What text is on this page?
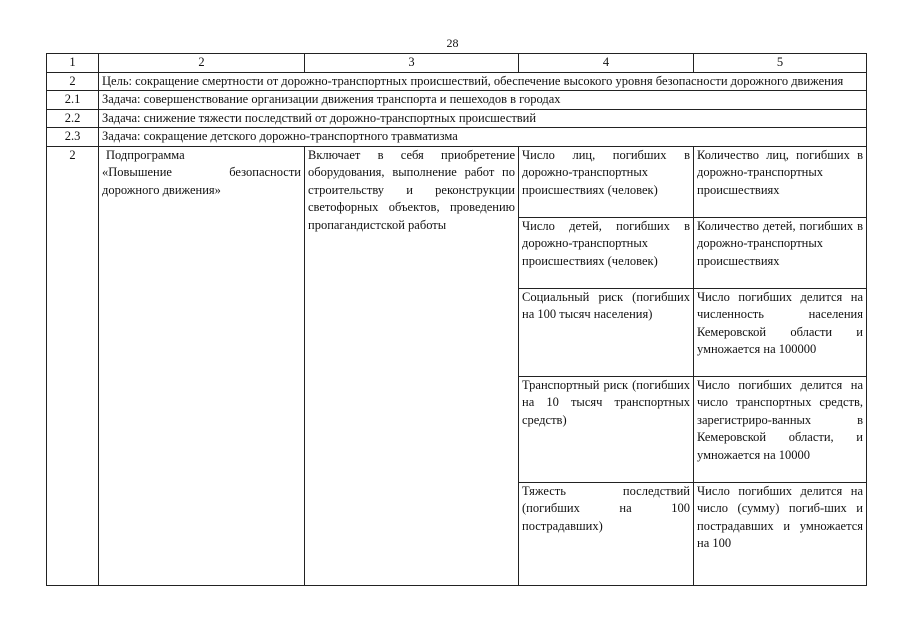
28
1	2	3	4	5
2	Цель: сокращение смертности от дорожно-транспортных происшествий, обеспечение высокого уровня безопасности дорожного движения			
2.1	Задача: совершенствование организации движения транспорта и пешеходов в городах			
2.2	Задача: снижение тяжести последствий от дорожно-транспортных происшествий			
2.3	Задача: сокращение детского дорожно-транспортного травматизма			
2	Подпрограмма
«Повышение безопасности дорожного движения»	Включает в себя приобретение оборудования, выполнение работ по строительству и реконструкции светофорных объектов, проведению пропагандистской работы	Число лиц, погибших в дорожно-транспортных происшествиях (человек)	Количество лиц, погибших в дорожно-транспортных происшествиях
			Число детей, погибших в дорожно-транспортных происшествиях (человек)	Количество детей, погибших в дорожно-транспортных происшествиях
			Социальный риск (погибших на 100 тысяч населения)	Число погибших делится на численность населения Кемеровской области и умножается на 100000
			Транспортный риск (погибших на 10 тысяч транспортных средств)	Число погибших делится на число транспортных средств, зарегистриро-ванных в Кемеровской области, и умножается на 10000
			Тяжесть последствий (погибших на 100 пострадавших)	Число погибших делится на число (сумму) погиб-ших и пострадавших и умножается на 100
